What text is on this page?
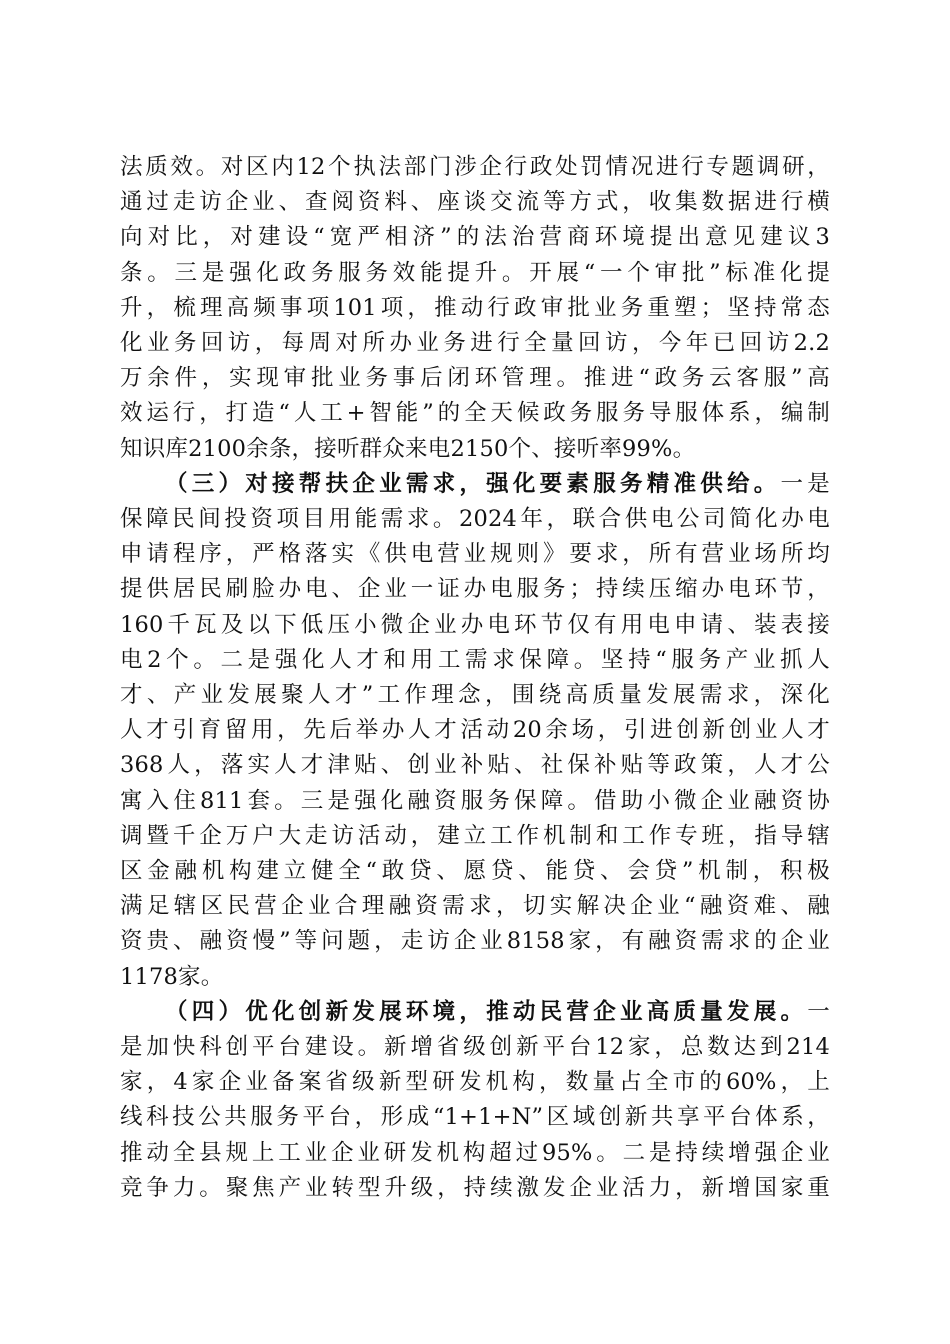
法质效。对区内12个执法部门涉企行政处罚情况进行专题调研，
通过走访企业、查阅资料、座谈交流等方式，收集数据进行横
向对比，对建设“宽严相济”的法治营商环境提出意见建议3
条。三是强化政务服务效能提升。开展“一个审批”标准化提
升，梳理高频事项101项，推动行政审批业务重塑；坚持常态
化业务回访，每周对所办业务进行全量回访，今年已回访2.2
万余件，实现审批业务事后闭环管理。推进“政务云客服”高
效运行，打造“人工+智能”的全天候政务服务导服体系，编制
知识库2100余条，接听群众来电2150个、接听率99%。

（三）对接帮扶企业需求，强化要素服务精准供给。一是
保障民间投资项目用能需求。2024年，联合供电公司简化办电
申请程序，严格落实《供电营业规则》要求，所有营业场所均
提供居民刷脸办电、企业一证办电服务；持续压缩办电环节，
160千瓦及以下低压小微企业办电环节仅有用电申请、装表接
电2个。二是强化人才和用工需求保障。坚持“服务产业抓人
才、产业发展聚人才”工作理念，围绕高质量发展需求，深化
人才引育留用，先后举办人才活动20余场，引进创新创业人才
368人，落实人才津贴、创业补贴、社保补贴等政策，人才公
寓入住811套。三是强化融资服务保障。借助小微企业融资协
调暨千企万户大走访活动，建立工作机制和工作专班，指导辖
区金融机构建立健全“敢贷、愿贷、能贷、会贷”机制，积极
满足辖区民营企业合理融资需求，切实解决企业“融资难、融
资贵、融资慢”等问题，走访企业8158家，有融资需求的企业
1178家。

（四）优化创新发展环境，推动民营企业高质量发展。一
是加快科创平台建设。新增省级创新平台12家，总数达到214
家，4家企业备案省级新型研发机构，数量占全市的60%，上
线科技公共服务平台，形成“1+1+N”区域创新共享平台体系，
推动全县规上工业企业研发机构超过95%。二是持续增强企业
竞争力。聚焦产业转型升级，持续激发企业活力，新增国家重
